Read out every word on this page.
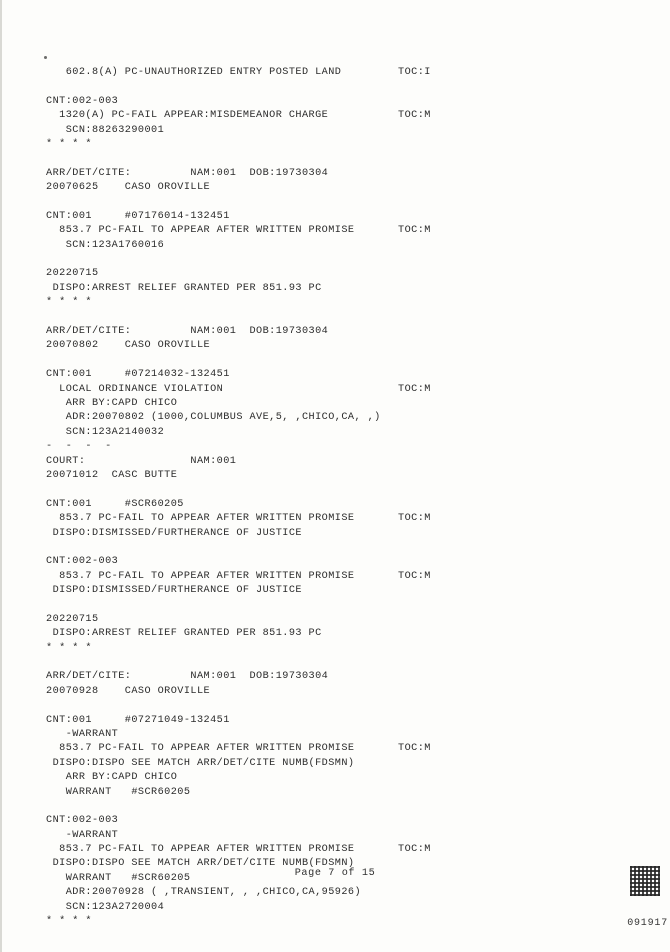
602.8(A) PC-UNAUTHORIZED ENTRY POSTED LAND	TOC:I
CNT:002-003
1320(A) PC-FAIL APPEAR:MISDEMEANOR CHARGE	TOC:M
SCN:88263290001
* * * *
ARR/DET/CITE:         NAM:001  DOB:19730304
20070625    CASO OROVILLE
CNT:001     #07176014-132451
853.7 PC-FAIL TO APPEAR AFTER WRITTEN PROMISE	TOC:M
SCN:123A1760016
20220715
DISPO:ARREST RELIEF GRANTED PER 851.93 PC
* * * *
ARR/DET/CITE:         NAM:001  DOB:19730304
20070802    CASO OROVILLE
CNT:001     #07214032-132451
LOCAL ORDINANCE VIOLATION	TOC:M
ARR BY:CAPD CHICO
ADR:20070802 (1000,COLUMBUS AVE,5, ,CHICO,CA, ,)
SCN:123A2140032
-  -  -  -
COURT:                NAM:001
20071012  CASC BUTTE
CNT:001     #SCR60205
853.7 PC-FAIL TO APPEAR AFTER WRITTEN PROMISE	TOC:M
DISPO:DISMISSED/FURTHERANCE OF JUSTICE
CNT:002-003
853.7 PC-FAIL TO APPEAR AFTER WRITTEN PROMISE	TOC:M
DISPO:DISMISSED/FURTHERANCE OF JUSTICE
20220715
DISPO:ARREST RELIEF GRANTED PER 851.93 PC
* * * *
ARR/DET/CITE:         NAM:001  DOB:19730304
20070928    CASO OROVILLE
CNT:001     #07271049-132451
-WARRANT
853.7 PC-FAIL TO APPEAR AFTER WRITTEN PROMISE	TOC:M
DISPO:DISPO SEE MATCH ARR/DET/CITE NUMB(FDSMN)
ARR BY:CAPD CHICO
WARRANT   #SCR60205
CNT:002-003
-WARRANT
853.7 PC-FAIL TO APPEAR AFTER WRITTEN PROMISE	TOC:M
DISPO:DISPO SEE MATCH ARR/DET/CITE NUMB(FDSMN)
WARRANT   #SCR60205
ADR:20070928 ( ,TRANSIENT, , ,CHICO,CA,95926)
SCN:123A2720004
* * * *
Page 7 of 15
091917
